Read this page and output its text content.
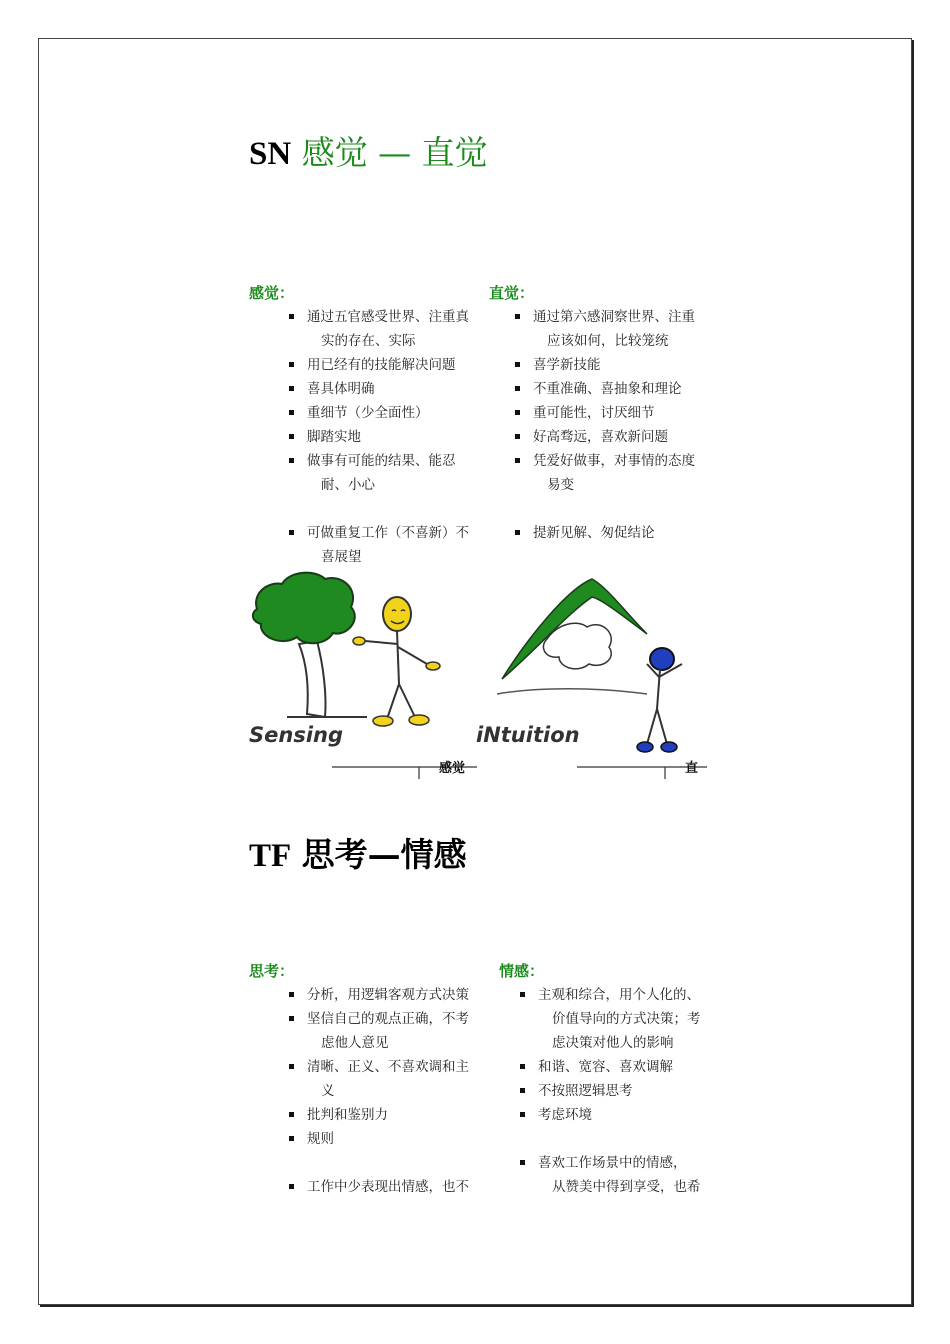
SN 感觉 — 直觉
感觉：
通过五官感受世界、注重真
实的存在、实际
用已经有的技能解决问题
喜具体明确
重细节（少全面性）
脚踏实地
做事有可能的结果、能忍
耐、小心
可做重复工作（不喜新）不
喜展望
直觉：
通过第六感洞察世界、注重
应该如何，比较笼统
喜学新技能
不重准确、喜抽象和理论
重可能性，讨厌细节
好高骛远，喜欢新问题
凭爱好做事，对事情的态度
易变
提新见解、匆促结论
Sensing
感觉
iNtuition
直
TF 思考—情感
思考：
分析，用逻辑客观方式决策
坚信自己的观点正确，不考
虑他人意见
清晰、正义、不喜欢调和主
义
批判和鉴别力
规则
工作中少表现出情感，也不
情感：
主观和综合，用个人化的、
价值导向的方式决策；考
虑决策对他人的影响
和谐、宽容、喜欢调解
不按照逻辑思考
考虑环境
喜欢工作场景中的情感，
从赞美中得到享受，也希
